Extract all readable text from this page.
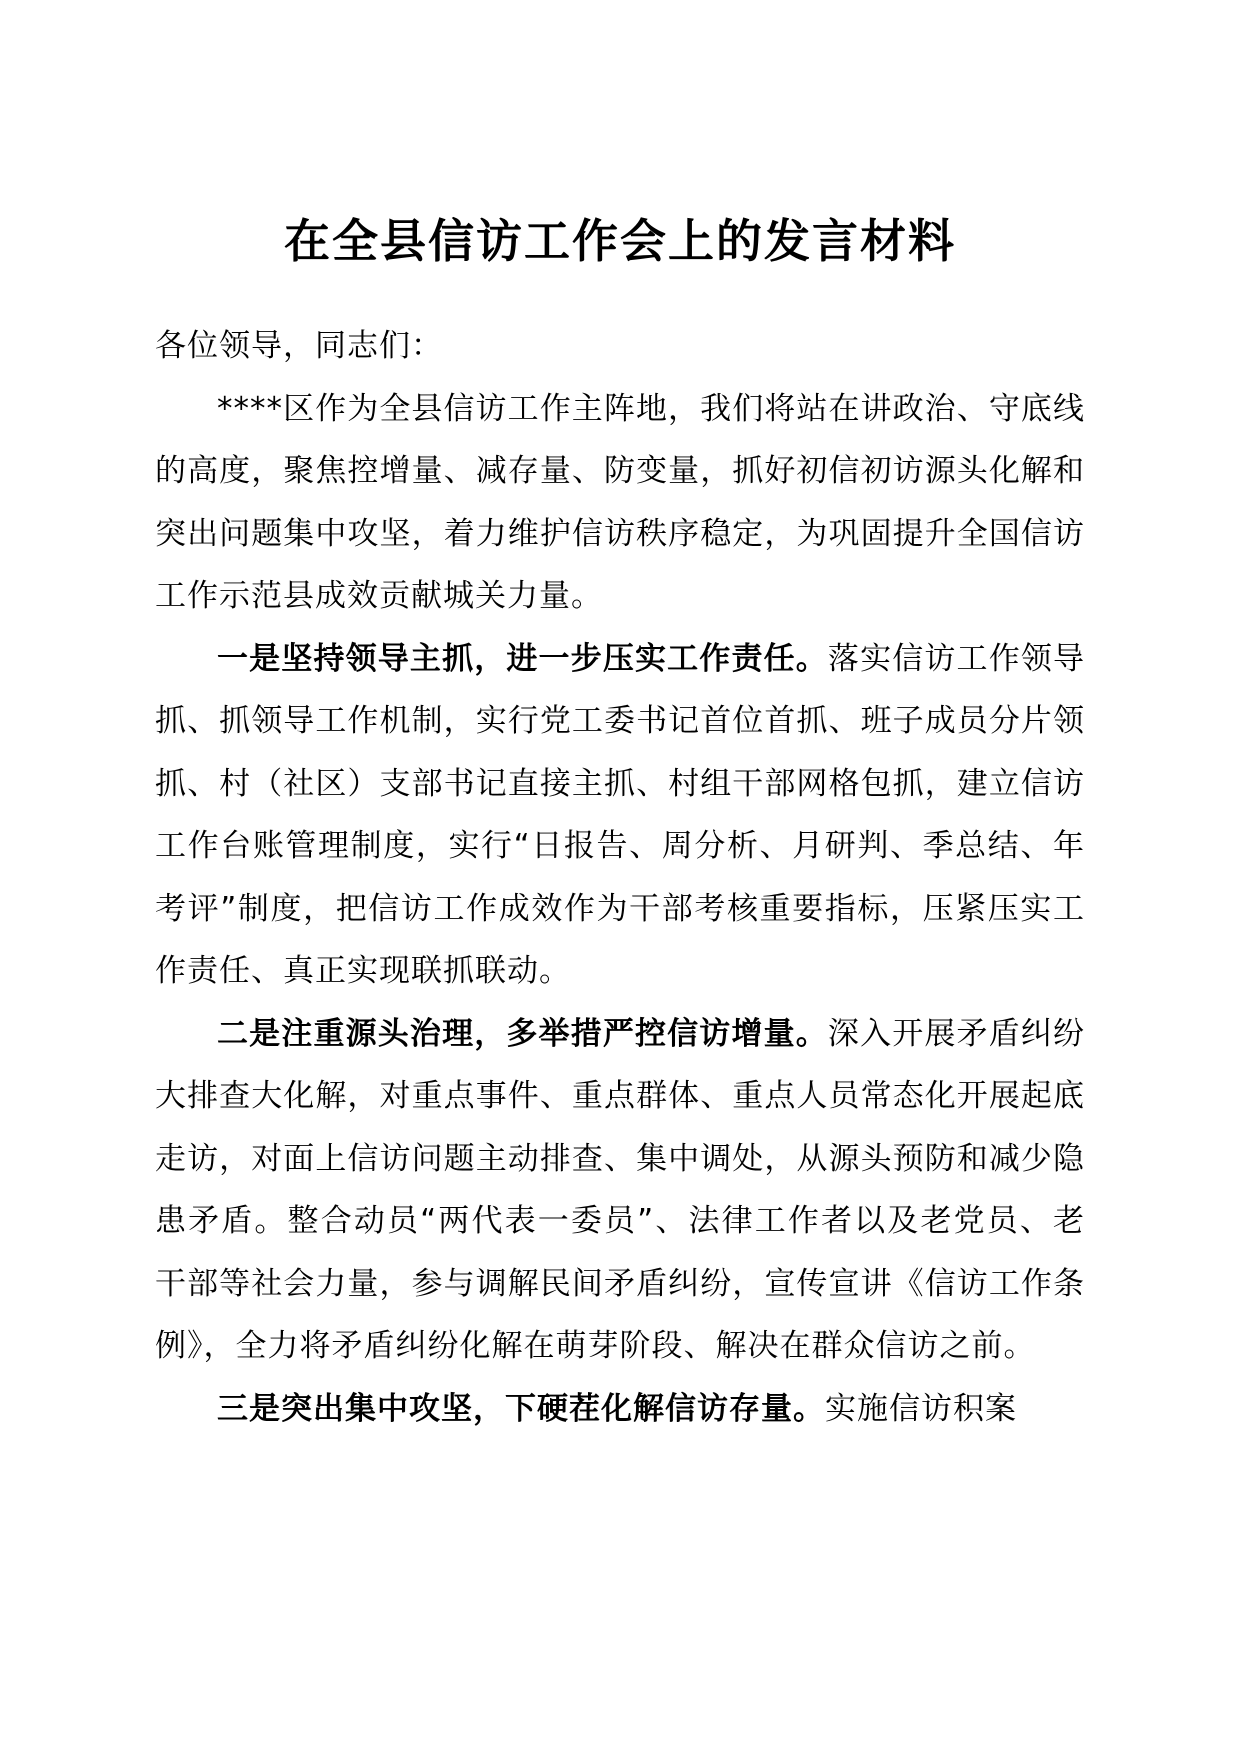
在全县信访工作会上的发言材料

各位领导，同志们：

****区作为全县信访工作主阵地，我们将站在讲政治、守底线的高度，聚焦控增量、减存量、防变量，抓好初信初访源头化解和突出问题集中攻坚，着力维护信访秩序稳定，为巩固提升全国信访工作示范县成效贡献城关力量。

一是坚持领导主抓，进一步压实工作责任。落实信访工作领导抓、抓领导工作机制，实行党工委书记首位首抓、班子成员分片领抓、村（社区）支部书记直接主抓、村组干部网格包抓，建立信访工作台账管理制度，实行“日报告、周分析、月研判、季总结、年考评”制度，把信访工作成效作为干部考核重要指标，压紧压实工作责任、真正实现联抓联动。

二是注重源头治理，多举措严控信访增量。深入开展矛盾纠纷大排查大化解，对重点事件、重点群体、重点人员常态化开展起底走访，对面上信访问题主动排查、集中调处，从源头预防和减少隐患矛盾。整合动员“两代表一委员”、法律工作者以及老党员、老干部等社会力量，参与调解民间矛盾纠纷，宣传宣讲《信访工作条例》，全力将矛盾纠纷化解在萌芽阶段、解决在群众信访之前。

三是突出集中攻坚，下硬茬化解信访存量。实施信访积案
